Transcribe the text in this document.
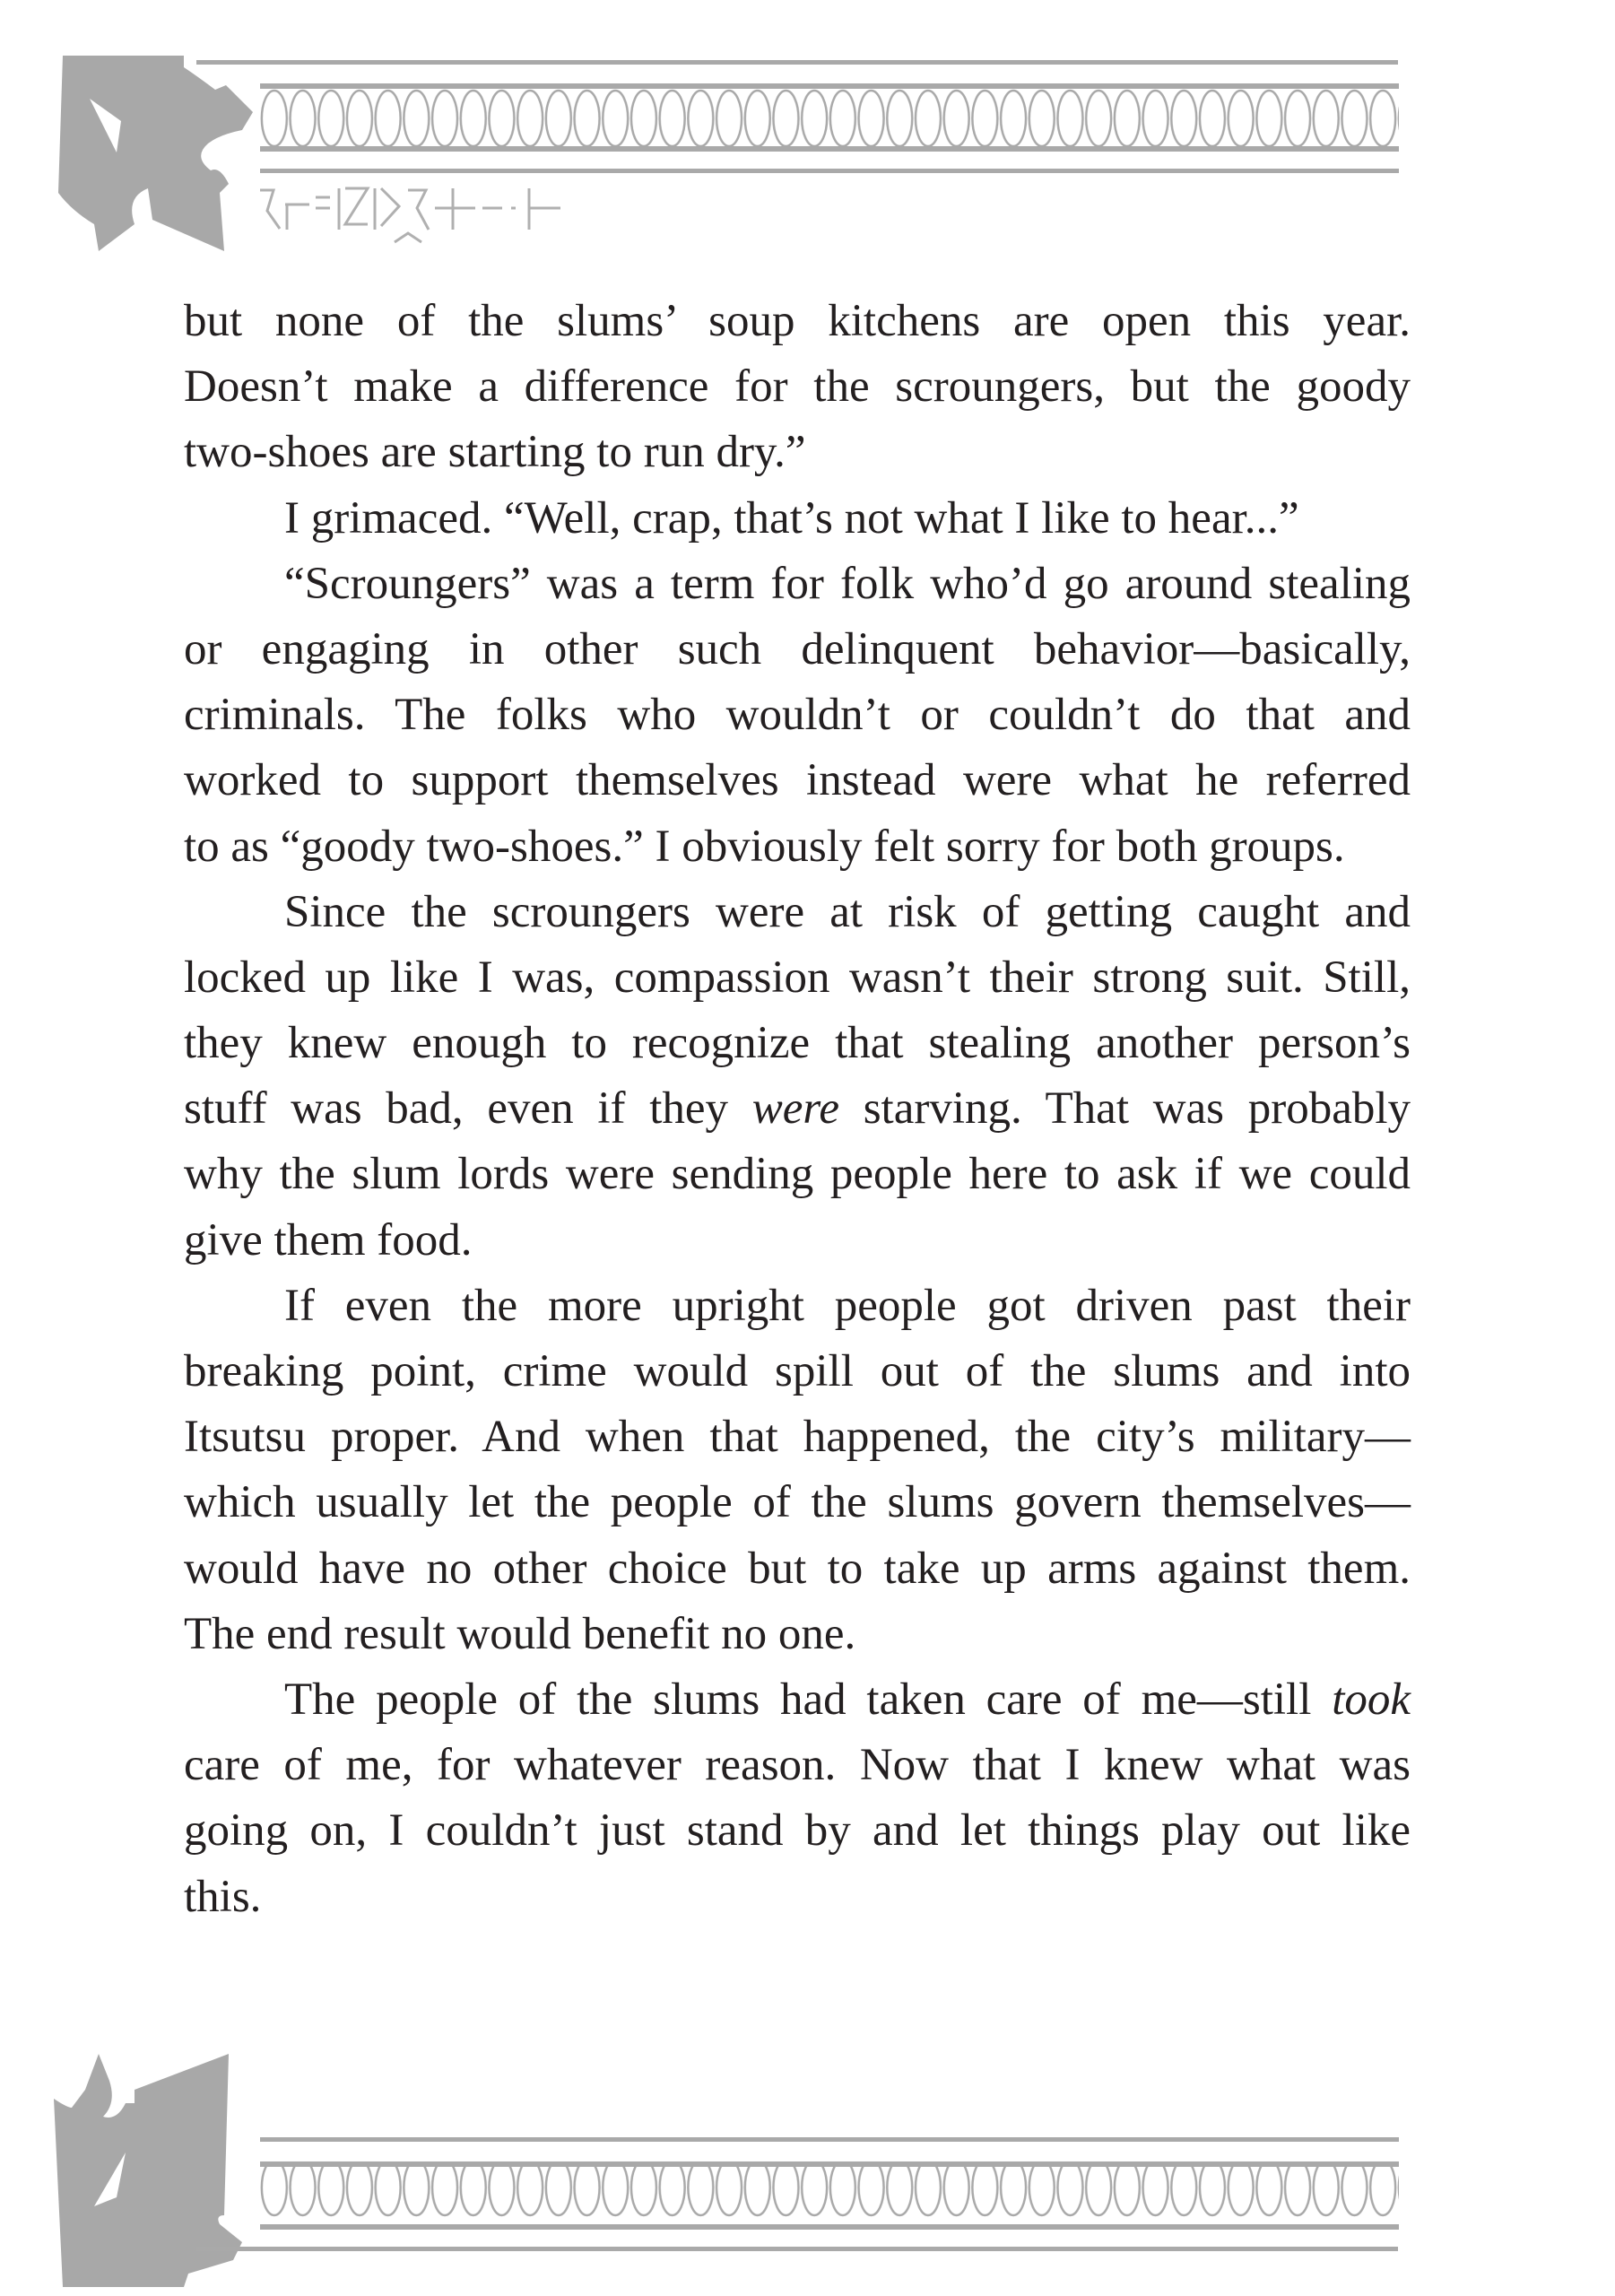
but none of the slums’ soup kitchens are open this year.
Doesn’t make a difference for the scroungers, but the goody
two-shoes are starting to run dry.”
I grimaced. “Well, crap, that’s not what I like to hear...”
“Scroungers” was a term for folk who’d go around stealing
or engaging in other such delinquent behavior—basically,
criminals. The folks who wouldn’t or couldn’t do that and
worked to support themselves instead were what he referred
to as “goody two-shoes.” I obviously felt sorry for both groups.
Since the scroungers were at risk of getting caught and
locked up like I was, compassion wasn’t their strong suit. Still,
they knew enough to recognize that stealing another person’s
stuff was bad, even if they were starving. That was probably
why the slum lords were sending people here to ask if we could
give them food.
If even the more upright people got driven past their
breaking point, crime would spill out of the slums and into
Itsutsu proper. And when that happened, the city’s military—
which usually let the people of the slums govern themselves—
would have no other choice but to take up arms against them.
The end result would benefit no one.
The people of the slums had taken care of me—still took
care of me, for whatever reason. Now that I knew what was
going on, I couldn’t just stand by and let things play out like
this.
